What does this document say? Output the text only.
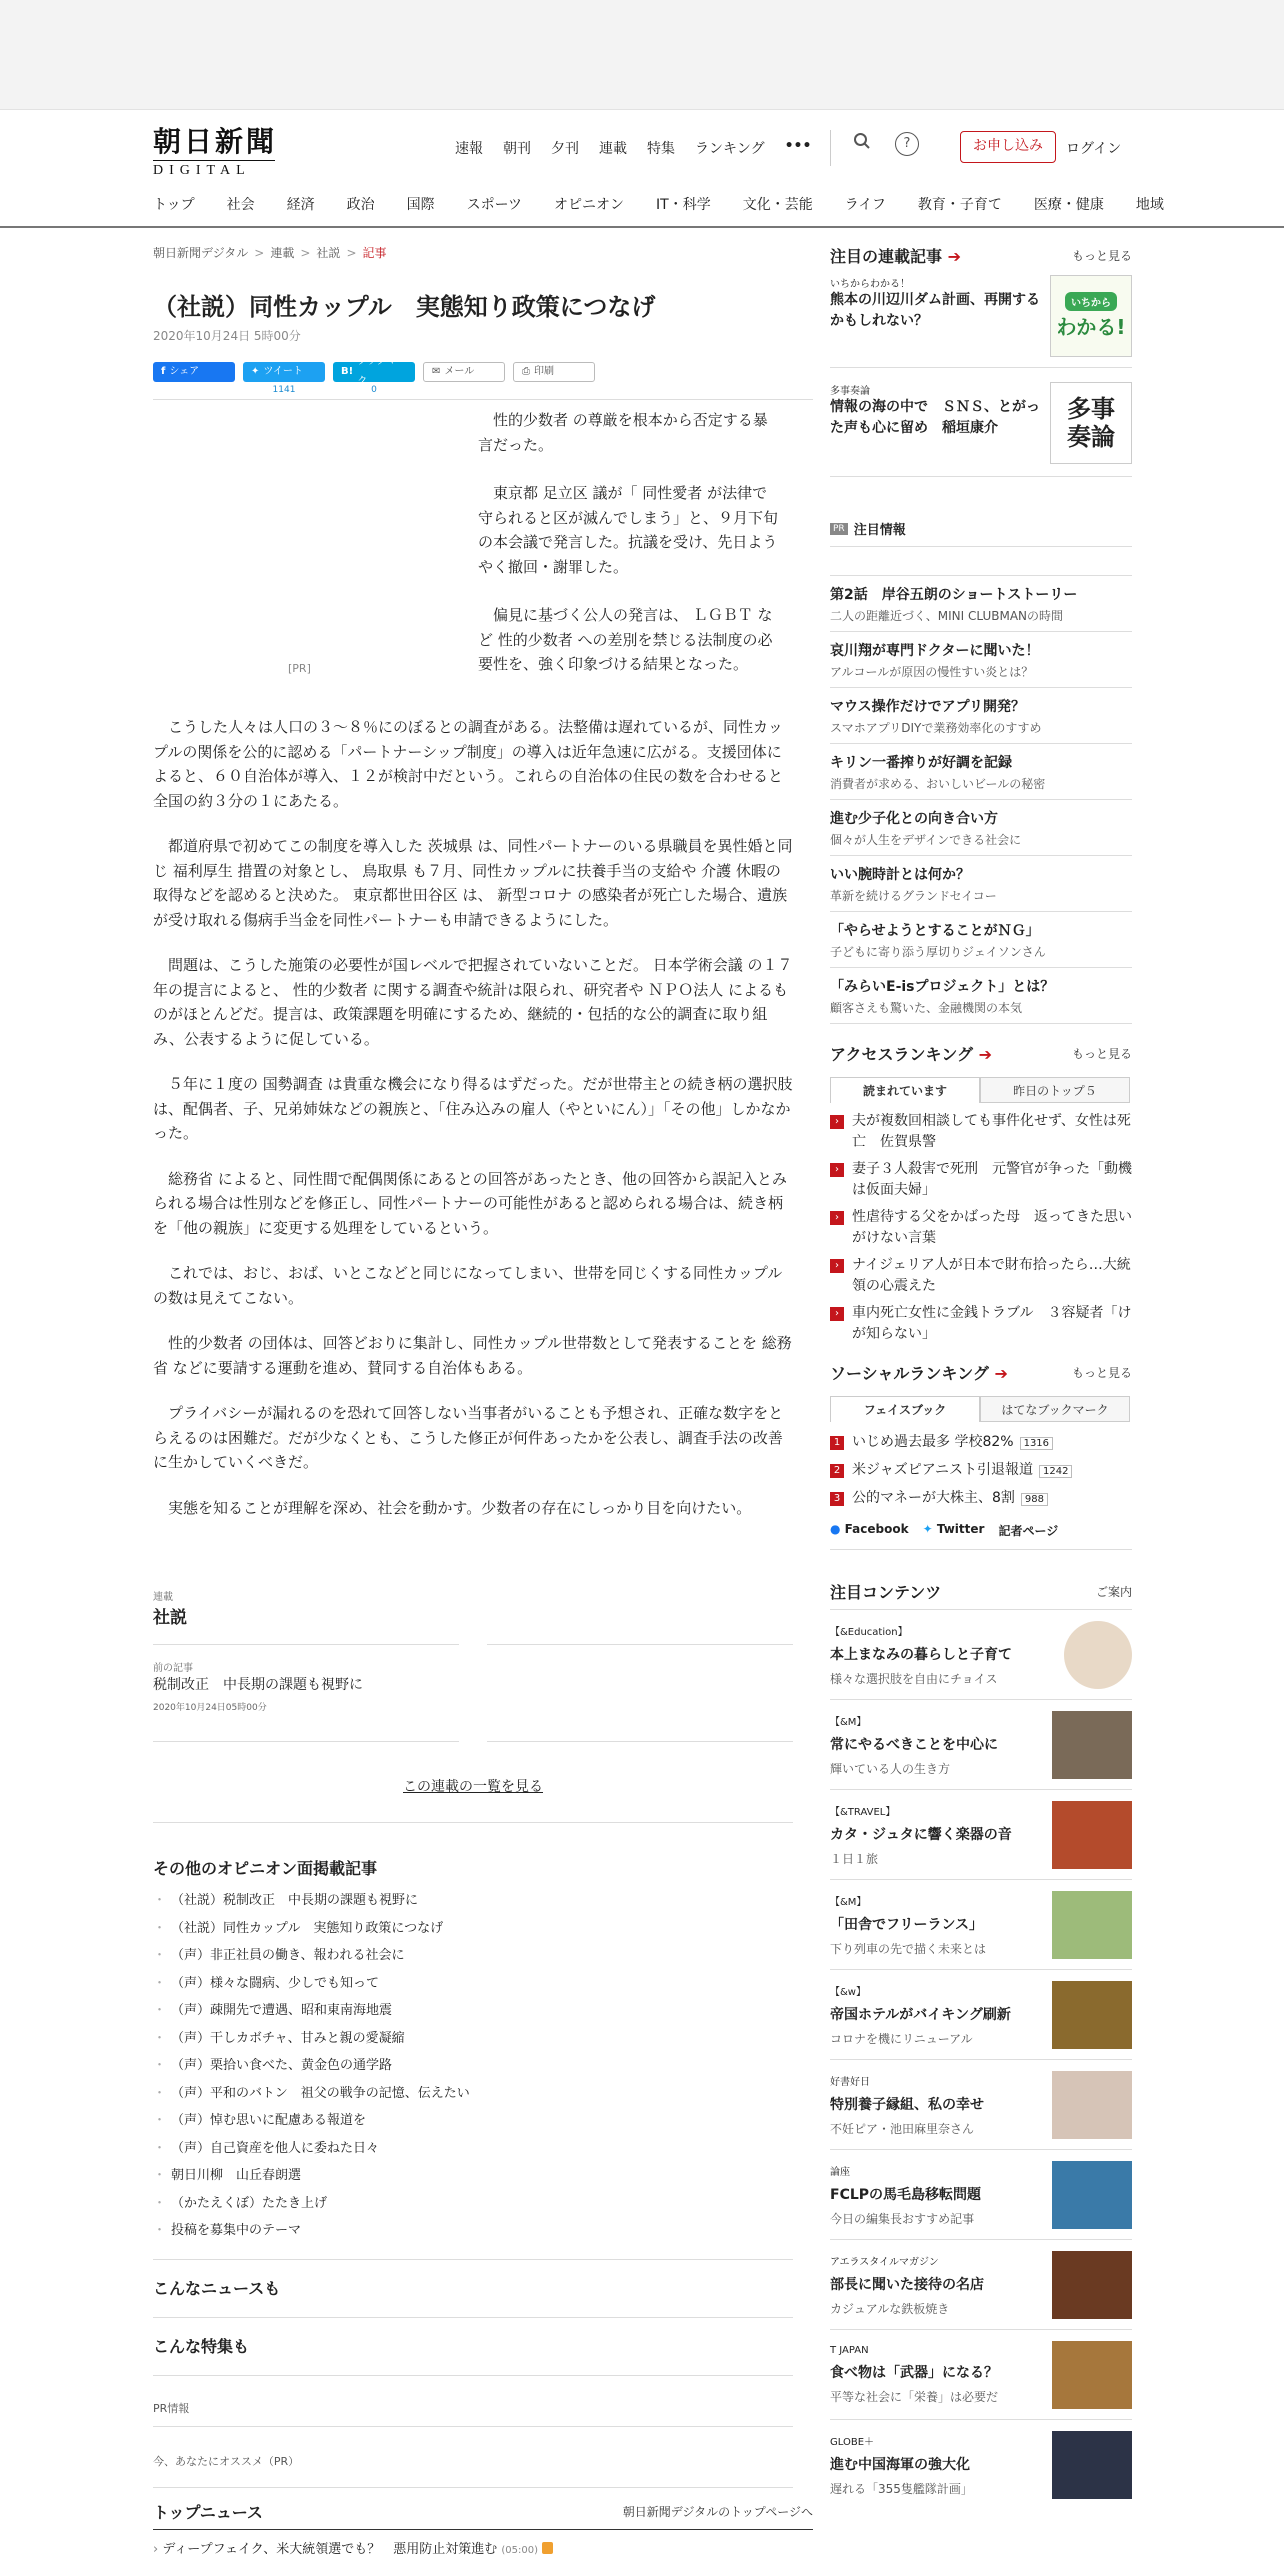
朝日新聞
DIGITAL
速報 朝刊 夕刊 連載 特集 ランキング •••	?	お申し込み	ログイン
トップ 社会 経済 政治 国際 スポーツ オピニオン IT・科学 文化・芸能 ライフ 教育・子育て 医療・健康 地域
朝日新聞デジタル > 連載 > 社説 > 記事
（社説）同性カップル　実態知り政策につなげ
2020年10月24日 5時00分
f シェア	✦ ツイート
1141
B!
ブックマーク
0
✉ メール	⎙ 印刷
[PR]

性的少数者 の尊厳を根本から否定する暴言だった。

東京都 足立区 議が「 同性愛者 が法律で守られると区が滅んでしまう」と、９月下旬の本会議で発言した。抗議を受け、先日ようやく撤回・謝罪した。

偏見に基づく公人の発言は、 ＬＧＢＴ など 性的少数者 への差別を禁じる法制度の必要性を、強く印象づける結果となった。

こうした人々は人口の３～８％にのぼるとの調査がある。法整備は遅れているが、同性カップルの関係を公的に認める「パートナーシップ制度」の導入は近年急速に広がる。支援団体によると、６０自治体が導入、１２が検討中だという。これらの自治体の住民の数を合わせると全国の約３分の１にあたる。

都道府県で初めてこの制度を導入した 茨城県 は、同性パートナーのいる県職員を異性婚と同じ 福利厚生 措置の対象とし、 鳥取県 も７月、同性カップルに扶養手当の支給や 介護 休暇の取得などを認めると決めた。 東京都世田谷区 は、 新型コロナ の感染者が死亡した場合、遺族が受け取れる傷病手当金を同性パートナーも申請できるようにした。

問題は、こうした施策の必要性が国レベルで把握されていないことだ。 日本学術会議 の１７年の提言によると、 性的少数者 に関する調査や統計は限られ、研究者や ＮＰＯ法人 によるものがほとんどだ。提言は、政策課題を明確にするため、継続的・包括的な公的調査に取り組み、公表するように促している。

５年に１度の 国勢調査 は貴重な機会になり得るはずだった。だが世帯主との続き柄の選択肢は、配偶者、子、兄弟姉妹などの親族と、「住み込みの雇人（やといにん）」「その他」しかなかった。

総務省 によると、同性間で配偶関係にあるとの回答があったとき、他の回答から誤記入とみられる場合は性別などを修正し、同性パートナーの可能性があると認められる場合は、続き柄を「他の親族」に変更する処理をしているという。

これでは、おじ、おば、いとこなどと同じになってしまい、世帯を同じくする同性カップルの数は見えてこない。

性的少数者 の団体は、回答どおりに集計し、同性カップル世帯数として発表することを 総務省 などに要請する運動を進め、賛同する自治体もある。

プライバシーが漏れるのを恐れて回答しない当事者がいることも予想され、正確な数字をとらえるのは困難だ。だが少なくとも、こうした修正が何件あったかを公表し、調査手法の改善に生かしていくべきだ。

実態を知ることが理解を深め、社会を動かす。少数者の存在にしっかり目を向けたい。

連載
社説
前の記事
税制改正　中長期の課題も視野に
2020年10月24日05時00分
この連載の一覧を見る
その他のオピニオン面掲載記事
・ （社説）税制改正　中長期の課題も視野に
・ （社説）同性カップル　実態知り政策につなげ
・ （声）非正社員の働き、報われる社会に
・ （声）様々な闘病、少しでも知って
・ （声）疎開先で遭遇、昭和東南海地震
・ （声）干しカボチャ、甘みと親の愛凝縮
・ （声）栗拾い食べた、黄金色の通学路
・ （声）平和のバトン　祖父の戦争の記憶、伝えたい
・ （声）悼む思いに配慮ある報道を
・ （声）自己資産を他人に委ねた日々
・ 朝日川柳　山丘春朗選
・ （かたえくぼ）たたき上げ
・ 投稿を募集中のテーマ
こんなニュースも
こんな特集も
PR情報
今、あなたにオススメ（PR）
トップニュース	朝日新聞デジタルのトップページへ
› ディープフェイク、米大統領選でも？　悪用防止対策進む (05:00)
注目の連載記事 ➔	もっと見る
いちからわかる！
熊本の川辺川ダム計画、再開するかもしれない？
いちから
わかる!
多事奏論
情報の海の中で　ＳＮＳ、とがった声も心に留め　稲垣康介
多事
奏論
PR 注目情報
第2話　岸谷五朗のショートストーリー
二人の距離近づく、MINI CLUBMANの時間
哀川翔が専門ドクターに聞いた！
アルコールが原因の慢性すい炎とは？
マウス操作だけでアプリ開発？
スマホアプリDIYで業務効率化のすすめ
キリン一番搾りが好調を記録
消費者が求める、おいしいビールの秘密
進む少子化との向き合い方
個々が人生をデザインできる社会に
いい腕時計とは何か？
革新を続けるグランドセイコー
「やらせようとすることがＮＧ」
子どもに寄り添う厚切りジェイソンさん
「みらいE-isプロジェクト」とは？
顧客さえも驚いた、金融機関の本気
アクセスランキング ➔	もっと見る
読まれています	昨日のトップ５
› 夫が複数回相談しても事件化せず、女性は死亡　佐賀県警
› 妻子３人殺害で死刑　元警官が争った「動機は仮面夫婦」
› 性虐待する父をかばった母　返ってきた思いがけない言葉
› ナイジェリア人が日本で財布拾ったら…大統領の心震えた
› 車内死亡女性に金銭トラブル　３容疑者「けが知らない」
ソーシャルランキング ➔	もっと見る
フェイスブック	はてなブックマーク
1 いじめ過去最多 学校82% 1316
2 米ジャズピアニスト引退報道 1242
3 公的マネーが大株主、8割 988
● Facebook ✦ Twitter 記者ページ
注目コンテンツ	ご案内
【&Education】
本上まなみの暮らしと子育て
様々な選択肢を自由にチョイス
【&M】
常にやるべきことを中心に
輝いている人の生き方
【&TRAVEL】
カタ・ジュタに響く楽器の音
１日１旅
【&M】
「田舎でフリーランス」
下り列車の先で描く未来とは
【&w】
帝国ホテルがバイキング刷新
コロナを機にリニューアル
好書好日
特別養子縁組、私の幸せ
不妊ピア・池田麻里奈さん
論座
FCLPの馬毛島移転問題
今日の編集長おすすめ記事
アエラスタイルマガジン
部長に聞いた接待の名店
カジュアルな鉄板焼き
T JAPAN
食べ物は「武器」になる？
平等な社会に「栄養」は必要だ
GLOBE＋
進む中国海軍の強大化
遅れる「355隻艦隊計画」
